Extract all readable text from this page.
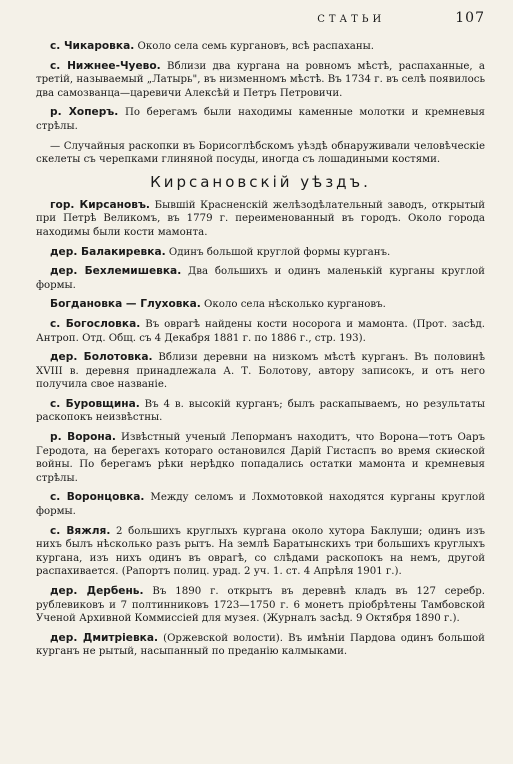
СТАТЬИ	107

с. Чикаровка. Около села семь кургановъ, всѣ распаханы.

с. Нижнее-Чуево. Вблизи два кургана на ровномъ мѣстѣ, распаханные, а третій, называемый „Латырь", въ низменномъ мѣстѣ. Въ 1734 г. въ селѣ появилось два самозванца—царевичи Алексѣй и Петръ Петровичи.

р. Хоперъ. По берегамъ были находимы каменные молотки и кремневыя стрѣлы.

— Случайныя раскопки въ Борисоглѣбскомъ уѣздѣ обнаруживали человѣческіе скелеты съ черепками глиняной посуды, иногда съ лошадиными костями.

Кирсановскій уѣздъ.

гор. Кирсановъ. Бывшій Красненскій желѣзодѣлательный заводъ, открытый при Петрѣ Великомъ, въ 1779 г. переименованный въ городъ. Около города находимы были кости мамонта.

дер. Балакиревка. Одинъ большой круглой формы курганъ.

дер. Бехлемишевка. Два большихъ и одинъ маленькій курганы круглой формы.

Богдановка — Глуховка. Около села нѣсколько кургановъ.

с. Богословка. Въ оврагѣ найдены кости носорога и мамонта. (Прот. засѣд. Антроп. Отд. Общ. съ 4 Декабря 1881 г. по 1886 г., стр. 193).

дер. Болотовка. Вблизи деревни на низкомъ мѣстѣ курганъ. Въ половинѣ XVIII в. деревня принадлежала А. Т. Болотову, автору записокъ, и отъ него получила свое названіе.

с. Буровщина. Въ 4 в. высокій курганъ; былъ раскапываемъ, но результаты раскопокъ неизвѣстны.

р. Ворона. Извѣстный ученый Лепорманъ находитъ, что Ворона—тотъ Оаръ Геродота, на берегахъ котораго остановился Дарій Гистаспъ во время скиѳской войны. По берегамъ рѣки нерѣдко попадались остатки мамонта и кремневыя стрѣлы.

с. Воронцовка. Между селомъ и Лохмотовкой находятся курганы круглой формы.

с. Вяжля. 2 большихъ круглыхъ кургана около хутора Баклуши; одинъ изъ нихъ былъ нѣсколько разъ рытъ. На землѣ Баратынскихъ три большихъ круглыхъ кургана, изъ нихъ одинъ въ оврагѣ, со слѣдами раскопокъ на немъ, другой распахивается. (Рапортъ полиц. урад. 2 уч. 1. ст. 4 Апрѣля 1901 г.).

дер. Дербень. Въ 1890 г. открытъ въ деревнѣ кладъ въ 127 серебр. рублевиковъ и 7 полтинниковъ 1723—1750 г. 6 монетъ пріобрѣтены Тамбовской Ученой Архивной Коммиссіей для музея. (Журналъ засѣд. 9 Октября 1890 г.).

дер. Дмитріевка. (Оржевской волости). Въ имѣніи Пардова одинъ большой курганъ не рытый, насыпанный по преданію калмыками.
